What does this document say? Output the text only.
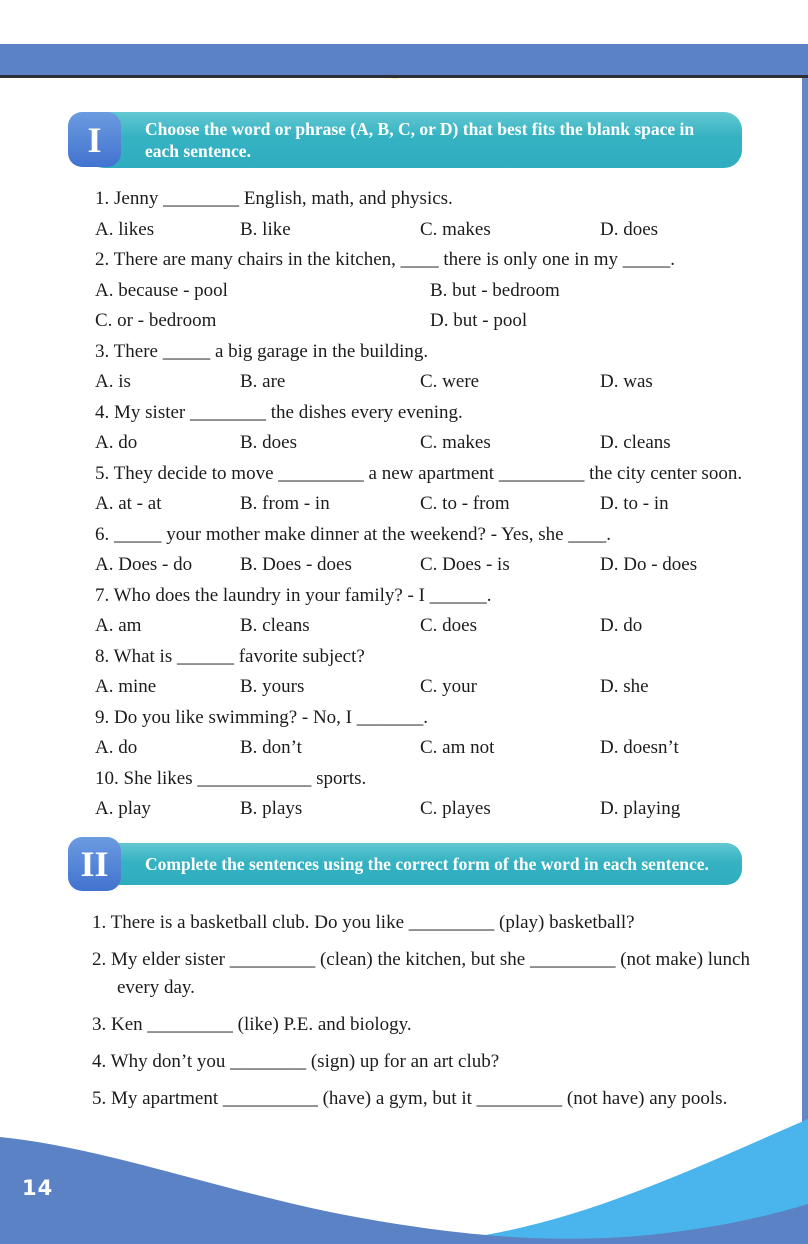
I Choose the word or phrase (A, B, C, or D) that best fits the blank space in each sentence.
1. Jenny ________ English, math, and physics.
A. likes	B. like	C. makes	D. does
2. There are many chairs in the kitchen, ____ there is only one in my _____.
A. because - pool	B. but - bedroom
C. or - bedroom	D. but - pool
3. There _____ a big garage in the building.
A. is	B. are	C. were	D. was
4. My sister ________ the dishes every evening.
A. do	B. does	C. makes	D. cleans
5. They decide to move _________ a new apartment _________ the city center soon.
A. at - at	B. from - in	C. to - from	D. to - in
6. _____ your mother make dinner at the weekend? - Yes, she ____.
A. Does - do	B. Does - does	C. Does - is	D. Do - does
7. Who does the laundry in your family? - I ______.
A. am	B. cleans	C. does	D. do
8. What is ______ favorite subject?
A. mine	B. yours	C. your	D. she
9. Do you like swimming? - No, I _______.
A. do	B. don’t	C. am not	D. doesn’t
10. She likes ____________ sports.
A. play	B. plays	C. playes	D. playing
II Complete the sentences using the correct form of the word in each sentence.
1. There is a basketball club. Do you like _________ (play) basketball?
2. My elder sister _________ (clean) the kitchen, but she _________ (not make) lunch every day.
3. Ken _________ (like) P.E. and biology.
4. Why don’t you ________ (sign) up for an art club?
5. My apartment __________ (have) a gym, but it _________ (not have) any pools.
14
